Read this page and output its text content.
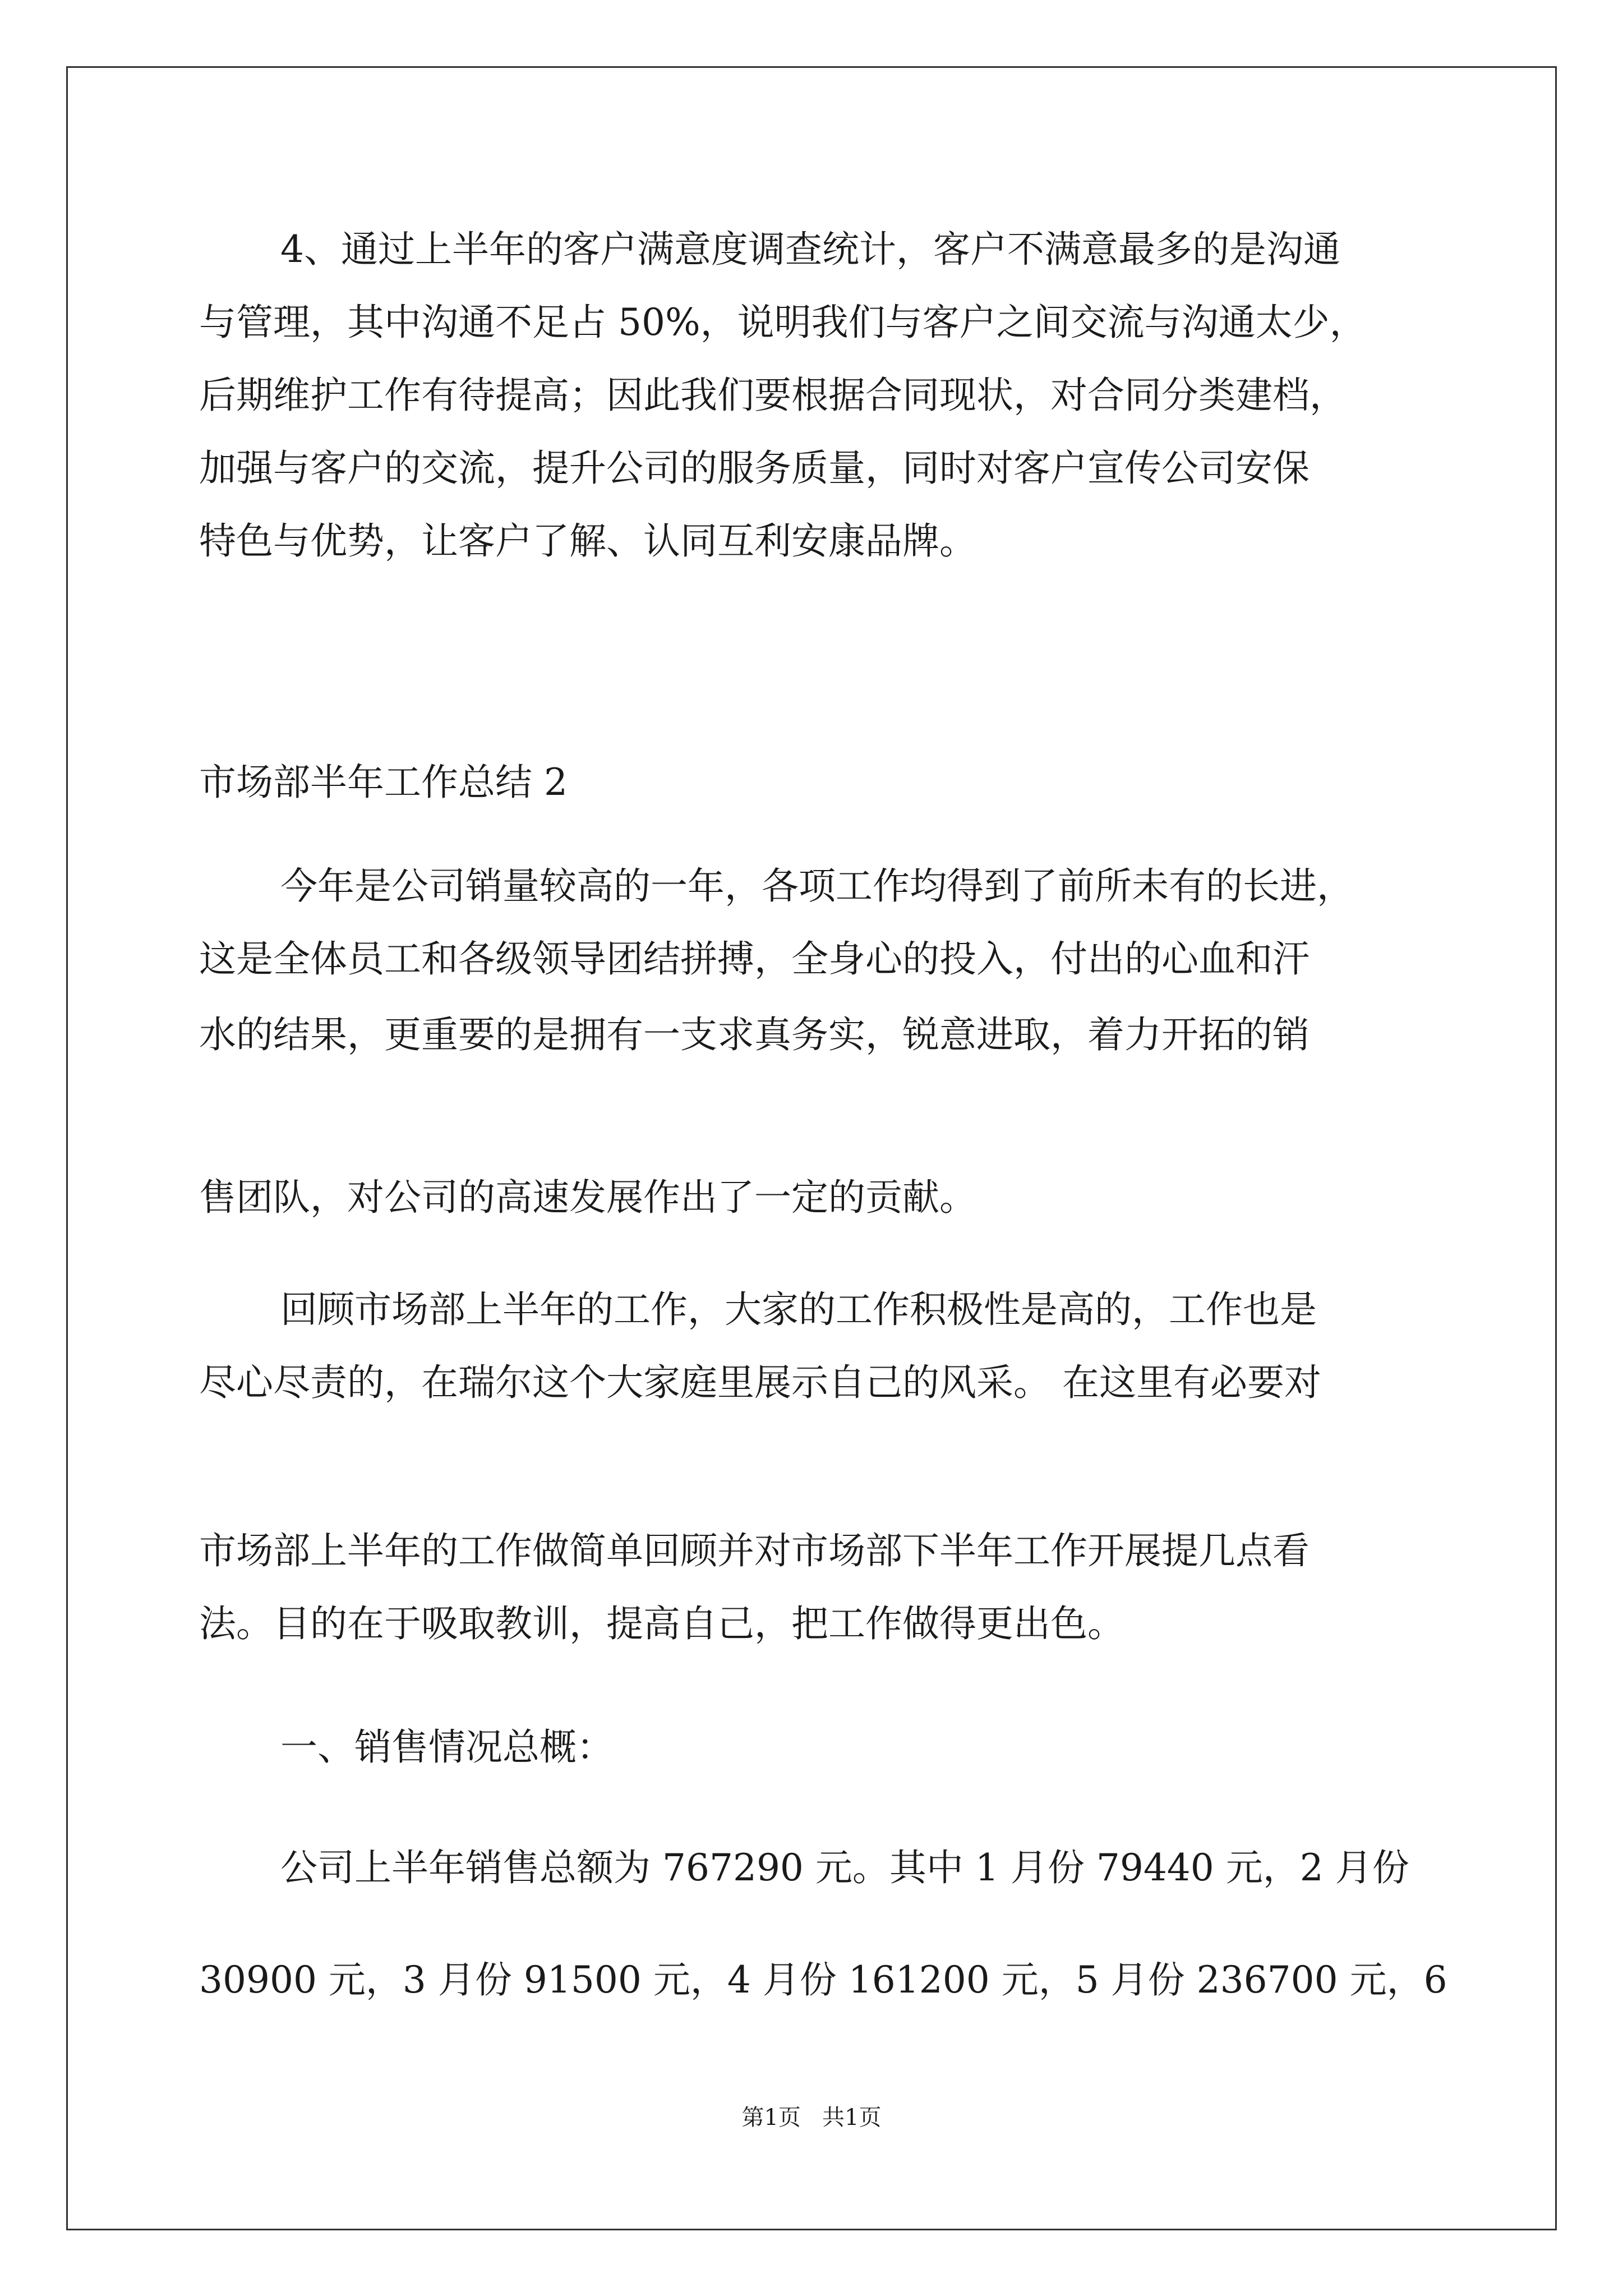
4、通过上半年的客户满意度调查统计，客户不满意最多的是沟通
与管理，其中沟通不足占 50%，说明我们与客户之间交流与沟通太少，
后期维护工作有待提高；因此我们要根据合同现状，对合同分类建档，
加强与客户的交流，提升公司的服务质量，同时对客户宣传公司安保
特色与优势，让客户了解、认同互利安康品牌。
市场部半年工作总结 2
今年是公司销量较高的一年，各项工作均得到了前所未有的长进，
这是全体员工和各级领导团结拼搏，全身心的投入，付出的心血和汗
水的结果，更重要的是拥有一支求真务实，锐意进取，着力开拓的销
售团队，对公司的高速发展作出了一定的贡献。
回顾市场部上半年的工作，大家的工作积极性是高的，工作也是
尽心尽责的，在瑞尔这个大家庭里展示自己的风采。 在这里有必要对
市场部上半年的工作做简单回顾并对市场部下半年工作开展提几点看
法。目的在于吸取教训，提高自己，把工作做得更出色。
一、销售情况总概：
公司上半年销售总额为 767290 元。其中 1 月份 79440 元，2 月份
30900 元，3 月份 91500 元，4 月份 161200 元，5 月份 236700 元，6
第1页   共1页
